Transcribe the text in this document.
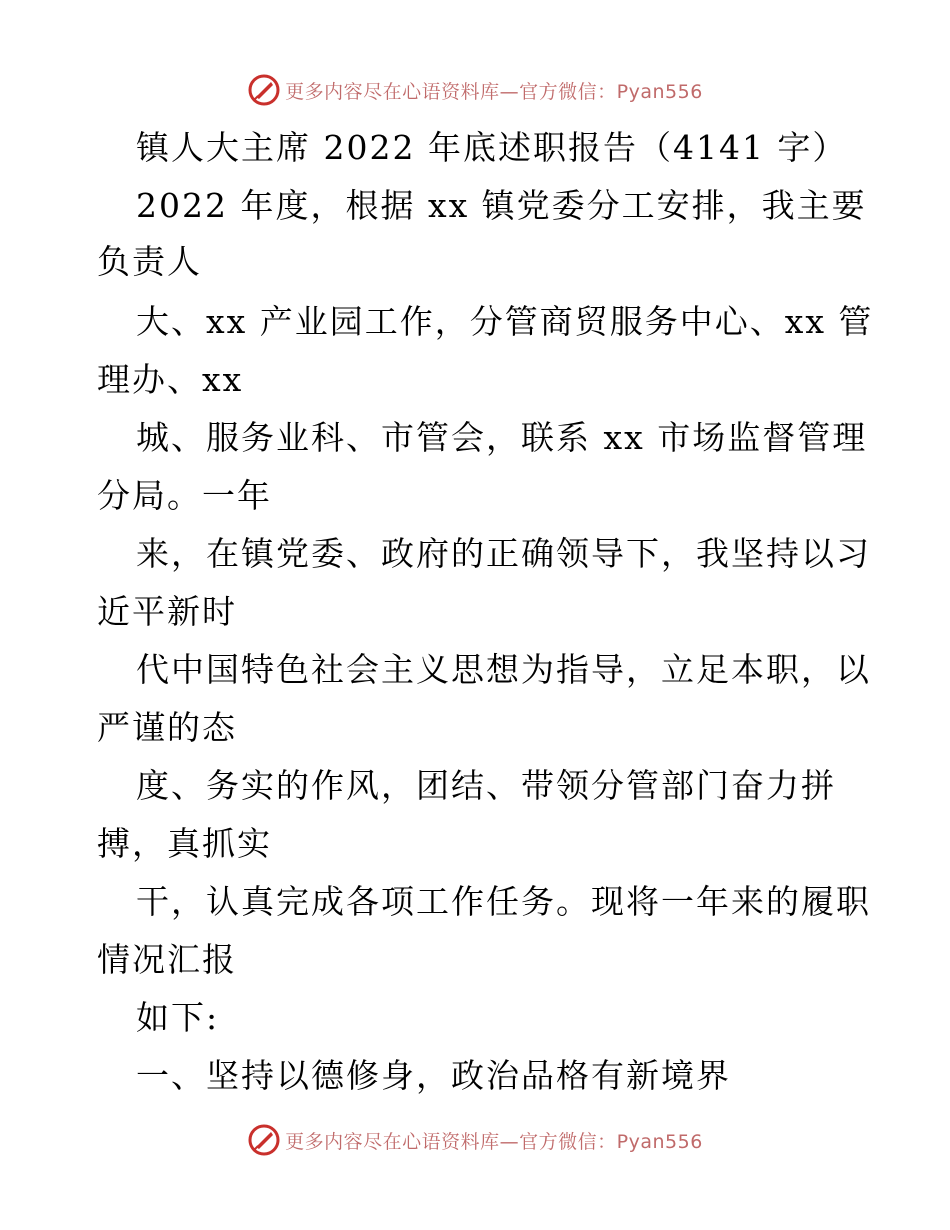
更多内容尽在心语资料库—官方微信：Pyan556
镇人大主席 2022 年底述职报告（4141 字）
2022 年度，根据 xx 镇党委分工安排，我主要
负责人
大、xx 产业园工作，分管商贸服务中心、xx 管
理办、xx
城、服务业科、市管会，联系 xx 市场监督管理
分局。一年
来，在镇党委、政府的正确领导下，我坚持以习
近平新时
代中国特色社会主义思想为指导，立足本职，以
严谨的态
度、务实的作风，团结、带领分管部门奋力拼
搏，真抓实
干，认真完成各项工作任务。现将一年来的履职
情况汇报
如下:
一、坚持以德修身，政治品格有新境界
更多内容尽在心语资料库—官方微信：Pyan556
